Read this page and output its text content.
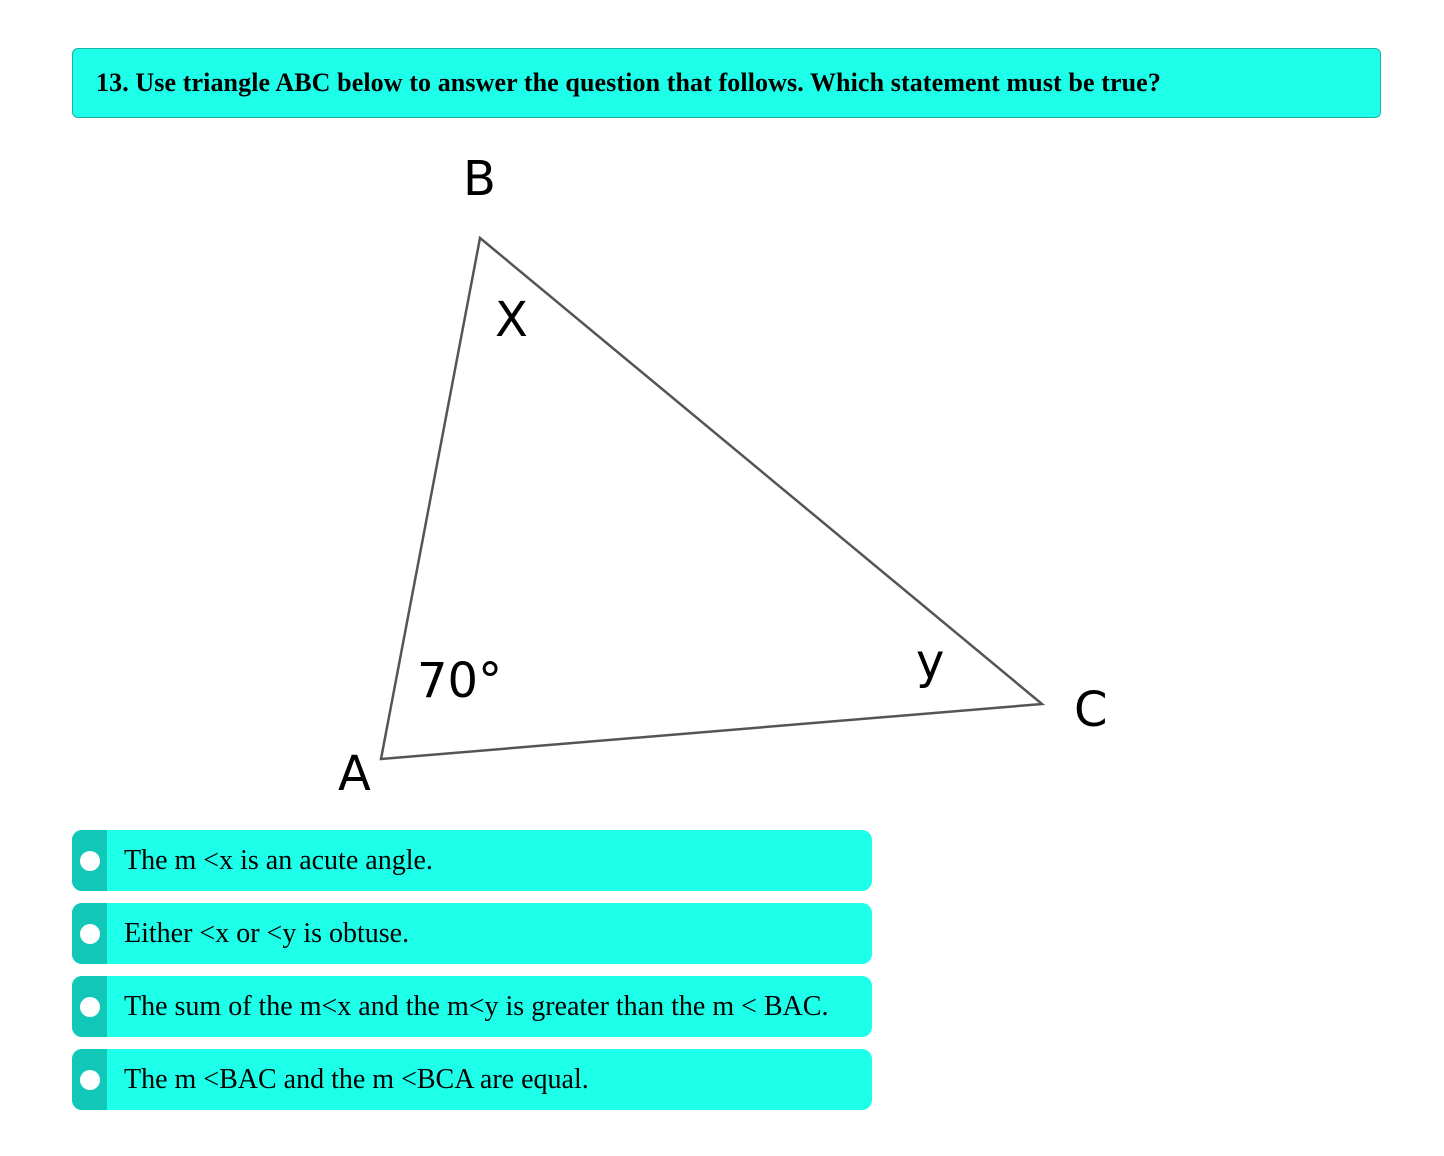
13. Use triangle ABC below to answer the question that follows. Which statement must be true?
B
A
C
X
70°	y
The m <x is an acute angle.
Either <x or <y is obtuse.
The sum of the m<x and the m<y is greater than the m < BAC.
The m <BAC and the m <BCA are equal.
